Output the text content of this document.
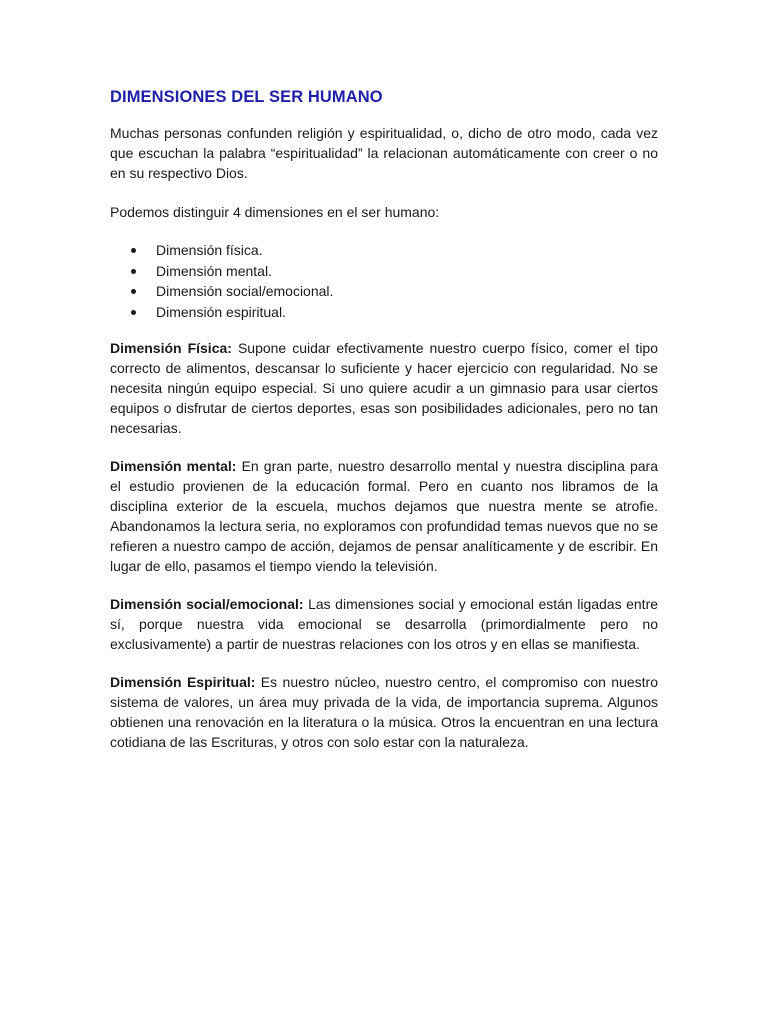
DIMENSIONES DEL SER HUMANO

Muchas personas confunden religión y espiritualidad, o, dicho de otro modo, cada vez que escuchan la palabra “espiritualidad” la relacionan automáticamente con creer o no en su respectivo Dios.

Podemos distinguir 4 dimensiones en el ser humano:

Dimensión física.
Dimensión mental.
Dimensión social/emocional.
Dimensión espiritual.

Dimensión Física: Supone cuidar efectivamente nuestro cuerpo físico, comer el tipo correcto de alimentos, descansar lo suficiente y hacer ejercicio con regularidad. No se necesita ningún equipo especial. Si uno quiere acudir a un gimnasio para usar ciertos equipos o disfrutar de ciertos deportes, esas son posibilidades adicionales, pero no tan necesarias.

Dimensión mental: En gran parte, nuestro desarrollo mental y nuestra disciplina para el estudio provienen de la educación formal. Pero en cuanto nos libramos de la disciplina exterior de la escuela, muchos dejamos que nuestra mente se atrofie. Abandonamos la lectura seria, no exploramos con profundidad temas nuevos que no se refieren a nuestro campo de acción, dejamos de pensar analíticamente y de escribir. En lugar de ello, pasamos el tiempo viendo la televisión.

Dimensión social/emocional: Las dimensiones social y emocional están ligadas entre sí, porque nuestra vida emocional se desarrolla (primordialmente pero no exclusivamente) a partir de nuestras relaciones con los otros y en ellas se manifiesta.

Dimensión Espiritual: Es nuestro núcleo, nuestro centro, el compromiso con nuestro sistema de valores, un área muy privada de la vida, de importancia suprema. Algunos obtienen una renovación en la literatura o la música. Otros la encuentran en una lectura cotidiana de las Escrituras, y otros con solo estar con la naturaleza.
